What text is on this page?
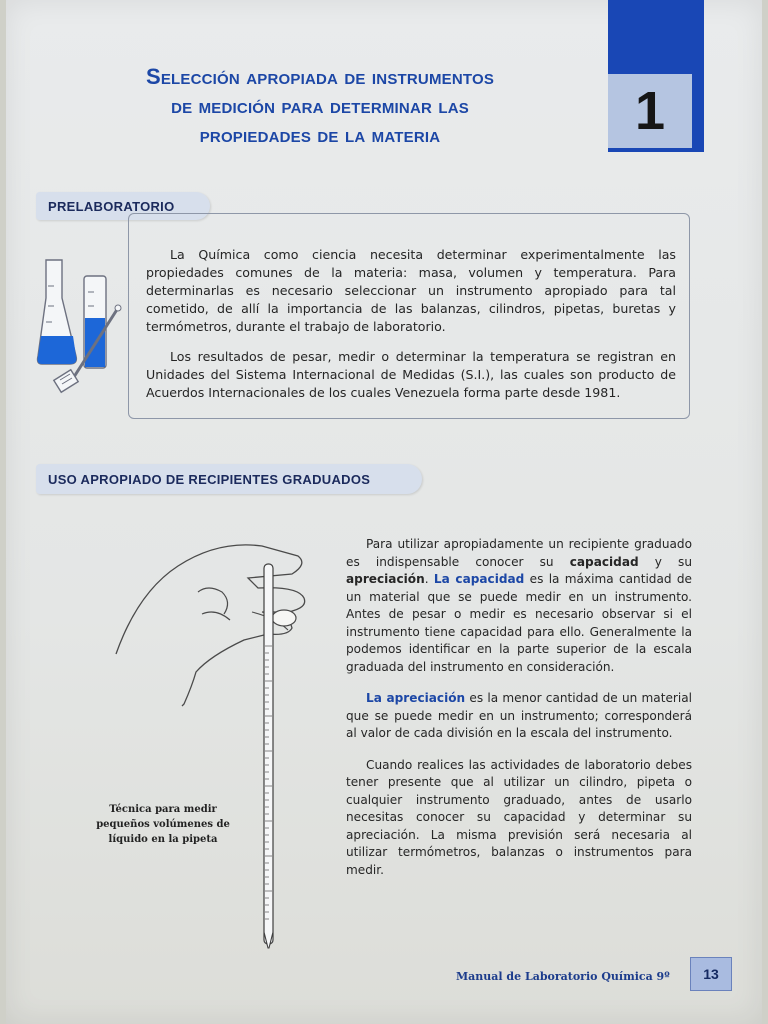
1
Selección apropiada de instrumentos
de medición para determinar las
propiedades de la materia
PRELABORATORIO
La Química como ciencia necesita determinar experimentalmente las propiedades comunes de la materia: masa, volumen y temperatura. Para determinarlas es necesario seleccionar un instrumento apropiado para tal cometido, de allí la importancia de las balanzas, cilindros, pipetas, buretas y termómetros, durante el trabajo de laboratorio.
Los resultados de pesar, medir o determinar la temperatura se registran en Unidades del Sistema Internacional de Medidas (S.I.), las cuales son producto de Acuerdos Internacionales de los cuales Venezuela forma parte desde 1981.
USO APROPIADO DE RECIPIENTES GRADUADOS
Técnica para medir pequeños volúmenes de líquido en la pipeta

Para utilizar apropiadamente un recipiente graduado es indispensable conocer su capacidad y su apreciación. La capacidad es la máxima cantidad de un material que se puede medir en un instrumento. Antes de pesar o medir es necesario observar si el instrumento tiene capacidad para ello. Generalmente la podemos identificar en la parte superior de la escala graduada del instrumento en consideración.

La apreciación es la menor cantidad de un material que se puede medir en un instrumento; corresponderá al valor de cada división en la escala del instrumento.

Cuando realices las actividades de laboratorio debes tener presente que al utilizar un cilindro, pipeta o cualquier instrumento graduado, antes de usarlo necesitas conocer su capacidad y determinar su apreciación. La misma previsión será necesaria al utilizar termómetros, balanzas o instrumentos para medir.

Manual de Laboratorio Química 9º	13
